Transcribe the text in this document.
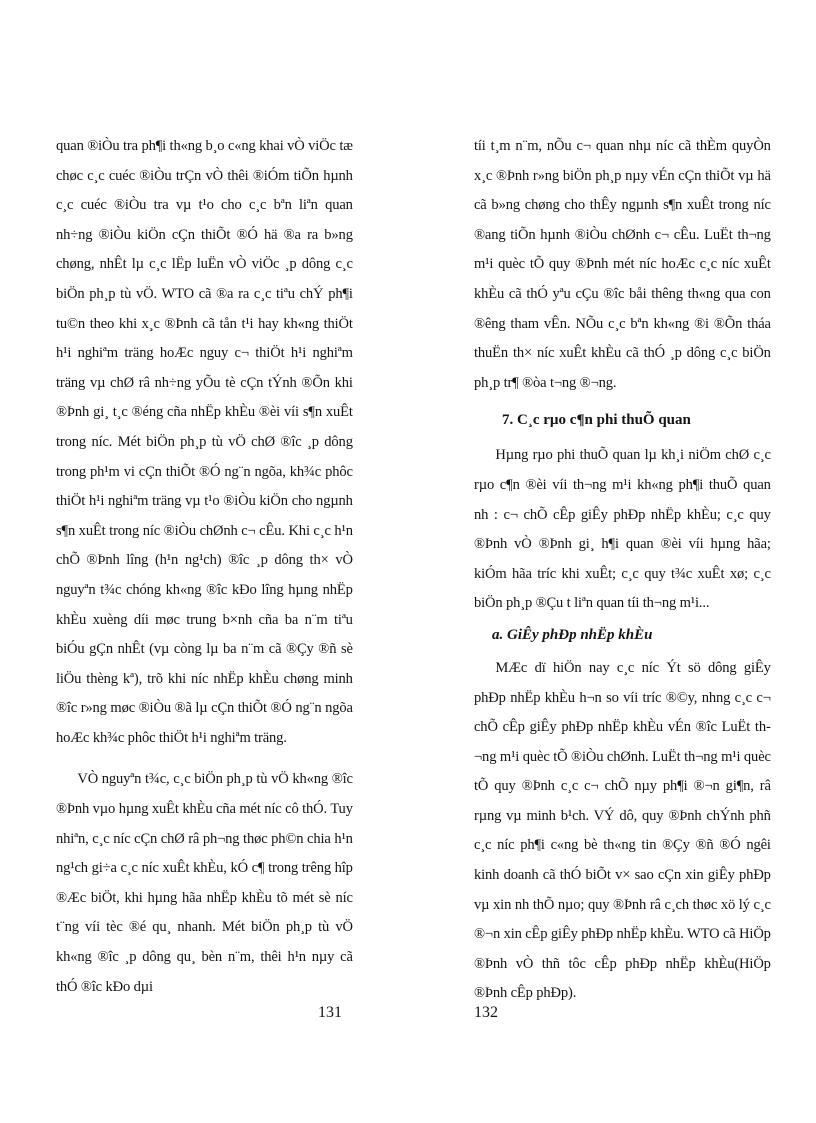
quan ®iÒu tra ph¶i th«ng b¸o c«ng khai vÒ viÖc tæ chøc c¸c cuéc ®iÒu trÇn vÒ thêi ®iÓm tiÕn hµnh c¸c cuéc ®iÒu tra vµ t¹o cho c¸c bªn liªn quan nh÷ng ®iÒu kiÖn cÇn thiÕt ®Ó hä ®a ra b»ng chøng, nhÊt lµ c¸c lËp luËn vÒ viÖc ¸p dông c¸c biÖn ph¸p tù vÖ. WTO cã ®a ra c¸c tiªu chÝ ph¶i tu©n theo khi x¸c ®Þnh cã tån t¹i hay kh«ng thiÖt h¹i nghiªm träng hoÆc nguy c¬ thiÖt h¹i nghiªm träng vµ chØ râ nh÷ng yÕu tè cÇn tÝnh ®Õn khi ®Þnh gi¸ t¸c ®éng cña nhËp khÈu ®èi víi s¶n xuÊt trong níc. Mét biÖn ph¸p tù vÖ chØ ®îc ¸p dông trong ph¹m vi cÇn thiÕt ®Ó ng¨n ngõa, kh¾c phôc thiÖt h¹i nghiªm träng vµ t¹o ®iÒu kiÖn cho ngµnh s¶n xuÊt trong níc ®iÒu chØnh c¬ cÊu. Khi c¸c h¹n chÕ ®Þnh lîng (h¹n ng¹ch) ®îc ¸p dông th× vÒ nguyªn t¾c chóng kh«ng ®îc kÐo lîng hµng nhËp khÈu xuèng díi møc trung b×nh cña ba n¨m tiªu biÓu gÇn nhÊt (vµ còng lµ ba n¨m cã ®Çy ®ñ sè liÖu thèng kª), trõ khi níc nhËp khÈu chøng minh ®îc r»ng møc ®iÒu ®ã lµ cÇn thiÕt ®Ó ng¨n ngõa hoÆc kh¾c phôc thiÖt h¹i nghiªm träng.

VÒ nguyªn t¾c, c¸c biÖn ph¸p tù vÖ kh«ng ®îc ®Þnh vµo hµng xuÊt khÈu cña mét níc cô thÓ. Tuy nhiªn, c¸c níc cÇn chØ râ ph¬ng thøc ph©n chia h¹n ng¹ch gi÷a c¸c níc xuÊt khÈu, kÓ c¶ trong trêng hîp ®Æc biÖt, khi hµng hãa nhËp khÈu tõ mét sè níc t¨ng víi tèc ®é qu¸ nhanh. Mét biÖn ph¸p tù vÖ kh«ng ®îc ¸p dông qu¸ bèn n¨m, thêi h¹n nµy cã thÓ ®îc kÐo dµi

131

tíi t¸m n¨m, nÕu c¬ quan nhµ níc cã thÈm quyÒn x¸c ®Þnh r»ng biÖn ph¸p nµy vÉn cÇn thiÕt vµ hä cã b»ng chøng cho thÊy ngµnh s¶n xuÊt trong níc ®ang tiÕn hµnh ®iÒu chØnh c¬ cÊu. LuËt th¬ng m¹i quèc tÕ quy ®Þnh mét níc hoÆc c¸c níc xuÊt khÈu cã thÓ yªu cÇu ®îc båi thêng th«ng qua con ®êng tham vÊn. NÕu c¸c bªn kh«ng ®i ®Õn tháa thuËn th× níc xuÊt khÈu cã thÓ ¸p dông c¸c biÖn ph¸p tr¶ ®òa t¬ng ®¬ng.

7. C¸c rµo c¶n phi thuÕ quan

Hµng rµo phi thuÕ quan lµ kh¸i niÖm chØ c¸c rµo c¶n ®èi víi th¬ng m¹i kh«ng ph¶i thuÕ quan nh : c¬ chÕ cÊp giÊy phÐp nhËp khÈu; c¸c quy ®Þnh vÒ ®Þnh gi¸ h¶i quan ®èi víi hµng hãa; kiÓm hãa tríc khi xuÊt; c¸c quy t¾c xuÊt xø; c¸c biÖn ph¸p ®Çu t liªn quan tíi th¬ng m¹i...

a. GiÊy phÐp nhËp khÈu

MÆc dï hiÖn nay c¸c níc Ýt sö dông giÊy phÐp nhËp khÈu h¬n so víi tríc ®©y, nhng c¸c c¬ chÕ cÊp giÊy phÐp nhËp khÈu vÉn ®îc LuËt th¬ng m¹i quèc tÕ ®iÒu chØnh. LuËt th¬ng m¹i quèc tÕ quy ®Þnh c¸c c¬ chÕ nµy ph¶i ®¬n gi¶n, râ rµng vµ minh b¹ch. VÝ dô, quy ®Þnh chÝnh phñ c¸c níc ph¶i c«ng bè th«ng tin ®Çy ®ñ ®Ó ngêi kinh doanh cã thÓ biÕt v× sao cÇn xin giÊy phÐp vµ xin nh thÕ nµo; quy ®Þnh râ c¸ch thøc xö lý c¸c ®¬n xin cÊp giÊy phÐp nhËp khÈu. WTO cã HiÖp ®Þnh vÒ thñ tôc cÊp phÐp nhËp khÈu(HiÖp ®Þnh cÊp phÐp).

132
